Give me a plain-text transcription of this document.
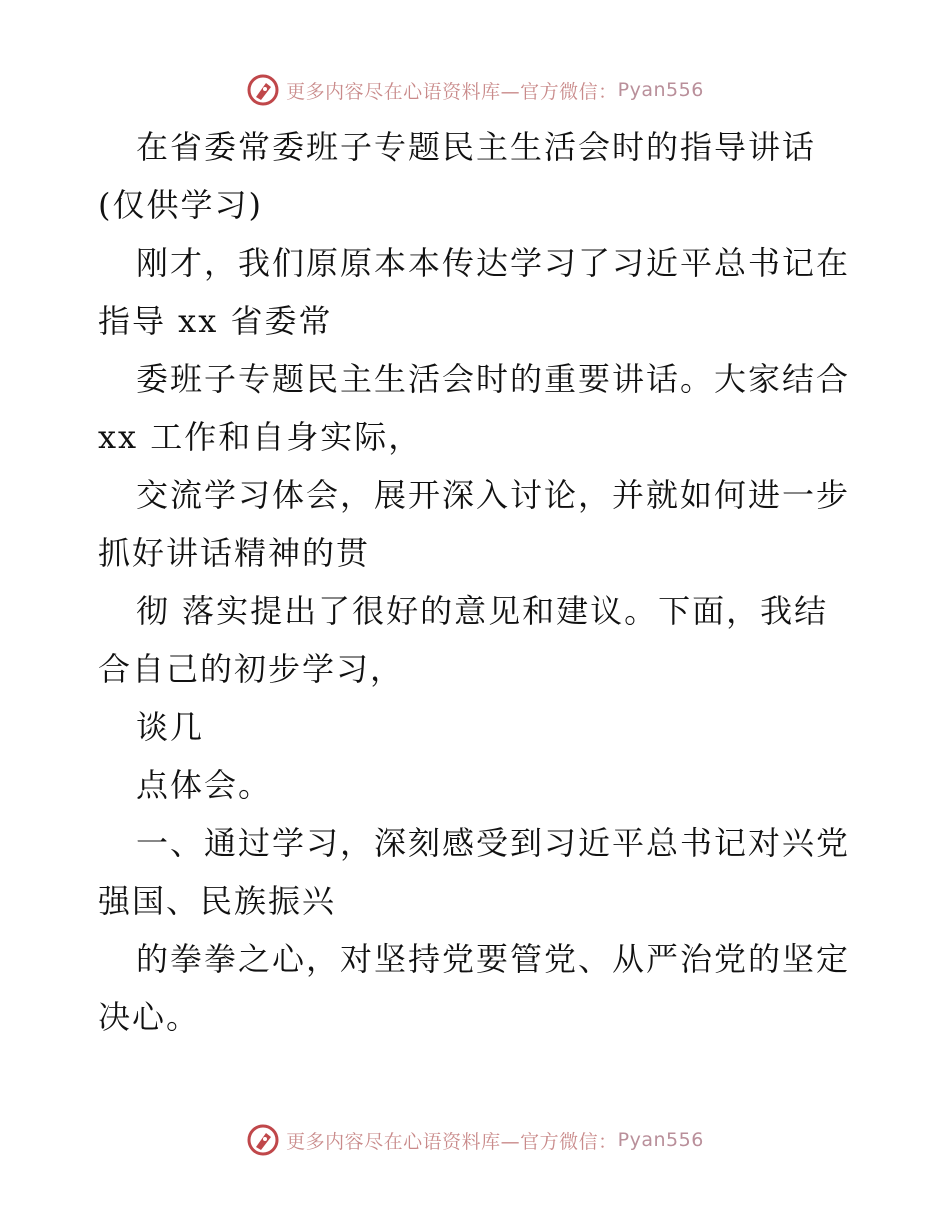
更多内容尽在心语资料库—官方微信： Pyan556

在省委常委班子专题民主生活会时的指导讲话

(仅供学习)

刚才，我们原原本本传达学习了习近平总书记在

指导 xx 省委常

委班子专题民主生活会时的重要讲话。大家结合

xx 工作和自身实际，

交流学习体会，展开深入讨论，并就如何进一步

抓好讲话精神的贯

彻 落实提出了很好的意见和建议。下面，我结

合自己的初步学习，

谈几

点体会。

一、通过学习，深刻感受到习近平总书记对兴党

强国、民族振兴

的拳拳之心，对坚持党要管党、从严治党的坚定

决心。

更多内容尽在心语资料库—官方微信： Pyan556
